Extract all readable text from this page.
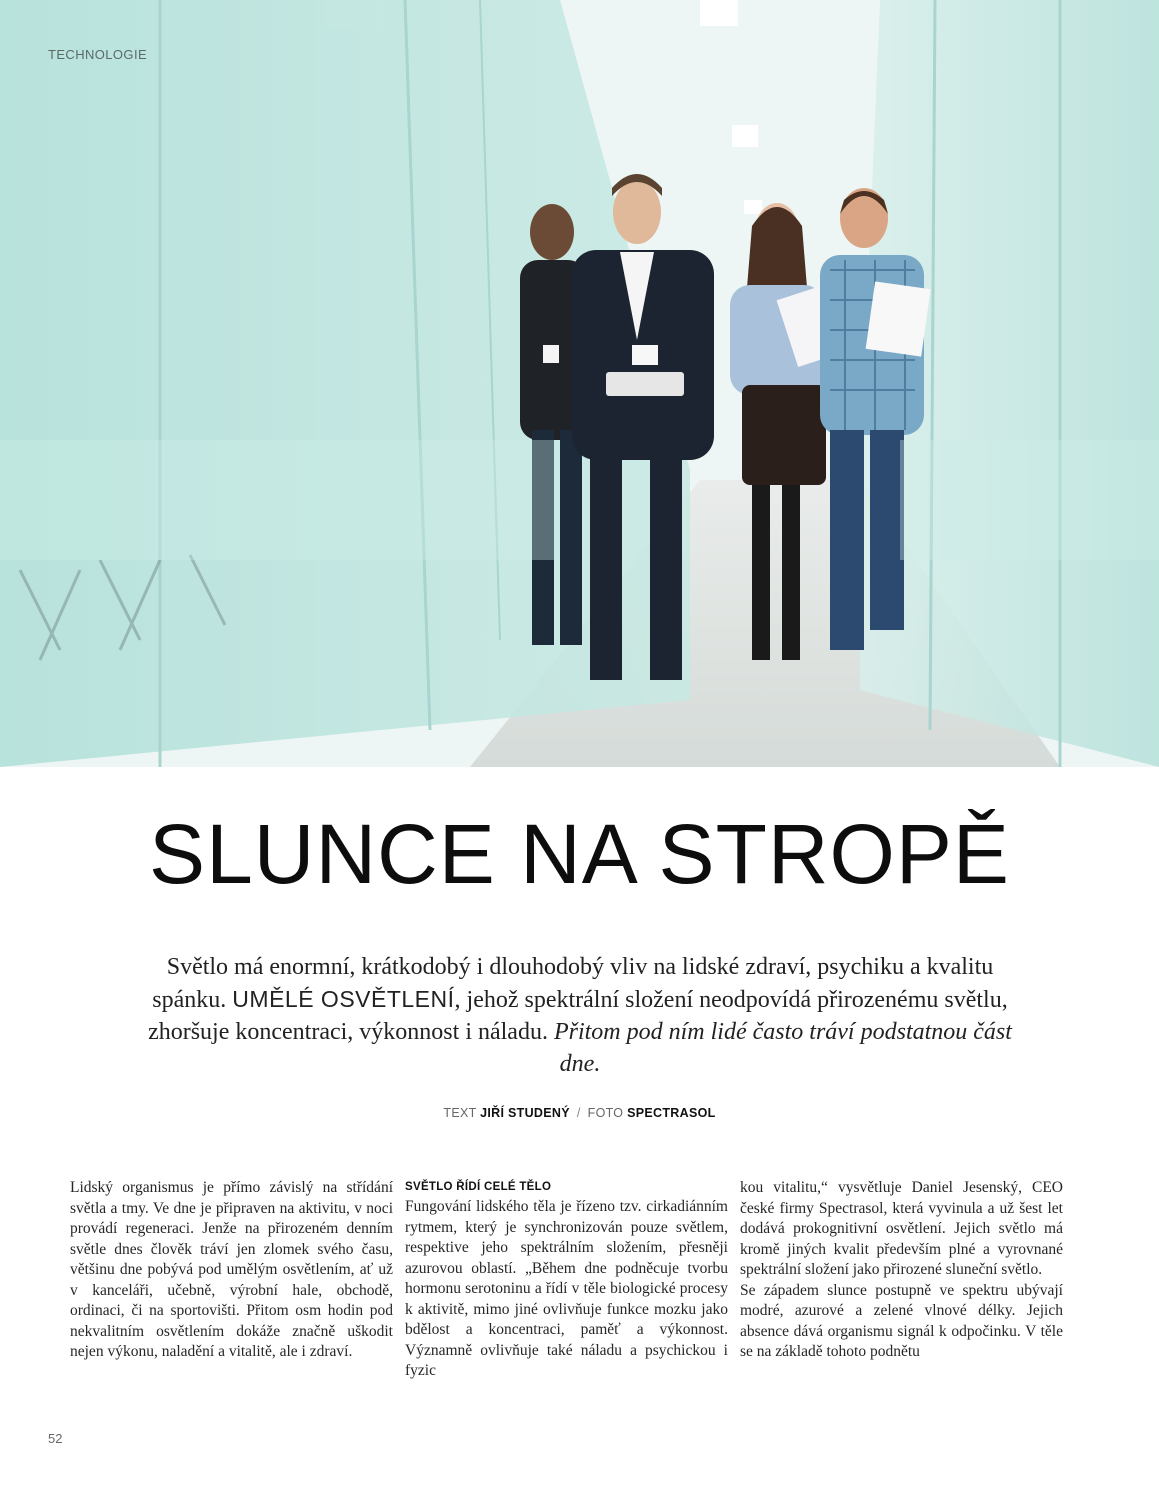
TECHNOLOGIE
SLUNCE NA STROPĚ
Světlo má enormní, krátkodobý i dlouhodobý vliv na lidské zdraví, psychiku a kvalitu spánku. UMĚLÉ OSVĚTLENÍ, jehož spektrální složení neodpovídá přirozenému světlu, zhoršuje koncentraci, výkonnost i náladu. Přitom pod ním lidé často tráví podstatnou část dne.
TEXT JIŘÍ STUDENÝ / FOTO SPECTRASOL

Lidský organismus je přímo závislý na střídání světla a tmy. Ve dne je připraven na aktivitu, v noci provádí regeneraci. Jenže na přirozeném denním světle dnes člověk tráví jen zlomek svého času, většinu dne pobývá pod umělým osvětlením, ať už v kanceláři, učebně, výrobní hale, obchodě, ordinaci, či na sportovišti. Přitom osm hodin pod nekvalitním osvětlením dokáže značně uškodit nejen výkonu, naladění a vitalitě, ale i zdraví.

SVĚTLO ŘÍDÍ CELÉ TĚLO

Fungování lidského těla je řízeno tzv. cirkadiánním rytmem, který je synchronizován pouze světlem, respektive jeho spektrálním složením, přesněji azurovou oblastí. „Během dne podněcuje tvorbu hormonu serotoninu a řídí v těle biologické procesy k aktivitě, mimo jiné ovlivňuje funkce mozku jako bdělost a koncentraci, paměť a výkonnost. Významně ovlivňuje také náladu a psychickou i fyzic

kou vitalitu,“ vysvětluje Daniel Jesenský, CEO české firmy Spectrasol, která vyvinula a už šest let dodává prokognitivní osvětlení. Jejich světlo má kromě jiných kvalit především plné a vyrovnané spektrální složení jako přirozené sluneční světlo.

Se západem slunce postupně ve spektru ubývají modré, azurové a zelené vlnové délky. Jejich absence dává organismu signál k odpočinku. V těle se na základě tohoto podnětu

52
